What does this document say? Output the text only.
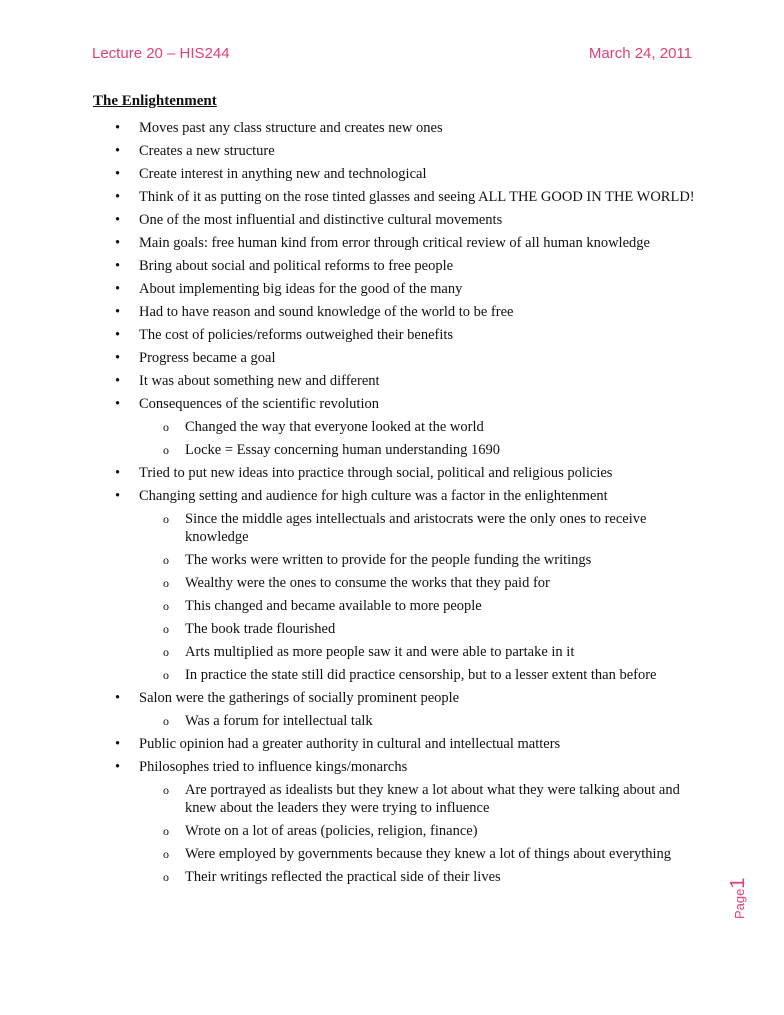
Lecture 20 – HIS244	March 24, 2011
The Enlightenment
• Moves past any class structure and creates new ones
• Creates a new structure
• Create interest in anything new and technological
• Think of it as putting on the rose tinted glasses and seeing ALL THE GOOD IN THE WORLD!
• One of the most influential and distinctive cultural movements
• Main goals: free human kind from error through critical review of all human knowledge
• Bring about social and political reforms to free people
• About implementing big ideas for the good of the many
• Had to have reason and sound knowledge of the world to be free
• The cost of policies/reforms outweighed their benefits
• Progress became a goal
• It was about something new and different
• Consequences of the scientific revolution
o Changed the way that everyone looked at the world
o Locke = Essay concerning human understanding 1690
• Tried to put new ideas into practice through social, political and religious policies
• Changing setting and audience for high culture was a factor in the enlightenment
o Since the middle ages intellectuals and aristocrats were the only ones to receive knowledge
o The works were written to provide for the people funding the writings
o Wealthy were the ones to consume the works that they paid for
o This changed and became available to more people
o The book trade flourished
o Arts multiplied as more people saw it and were able to partake in it
o In practice the state still did practice censorship, but to a lesser extent than before
• Salon were the gatherings of socially prominent people
o Was a forum for intellectual talk
• Public opinion had a greater authority in cultural and intellectual matters
• Philosophes tried to influence kings/monarchs
o Are portrayed as idealists but they knew a lot about what they were talking about and knew about the leaders they were trying to influence
o Wrote on a lot of areas (policies, religion, finance)
o Were employed by governments because they knew a lot of things about everything
o Their writings reflected the practical side of their lives
Page1
